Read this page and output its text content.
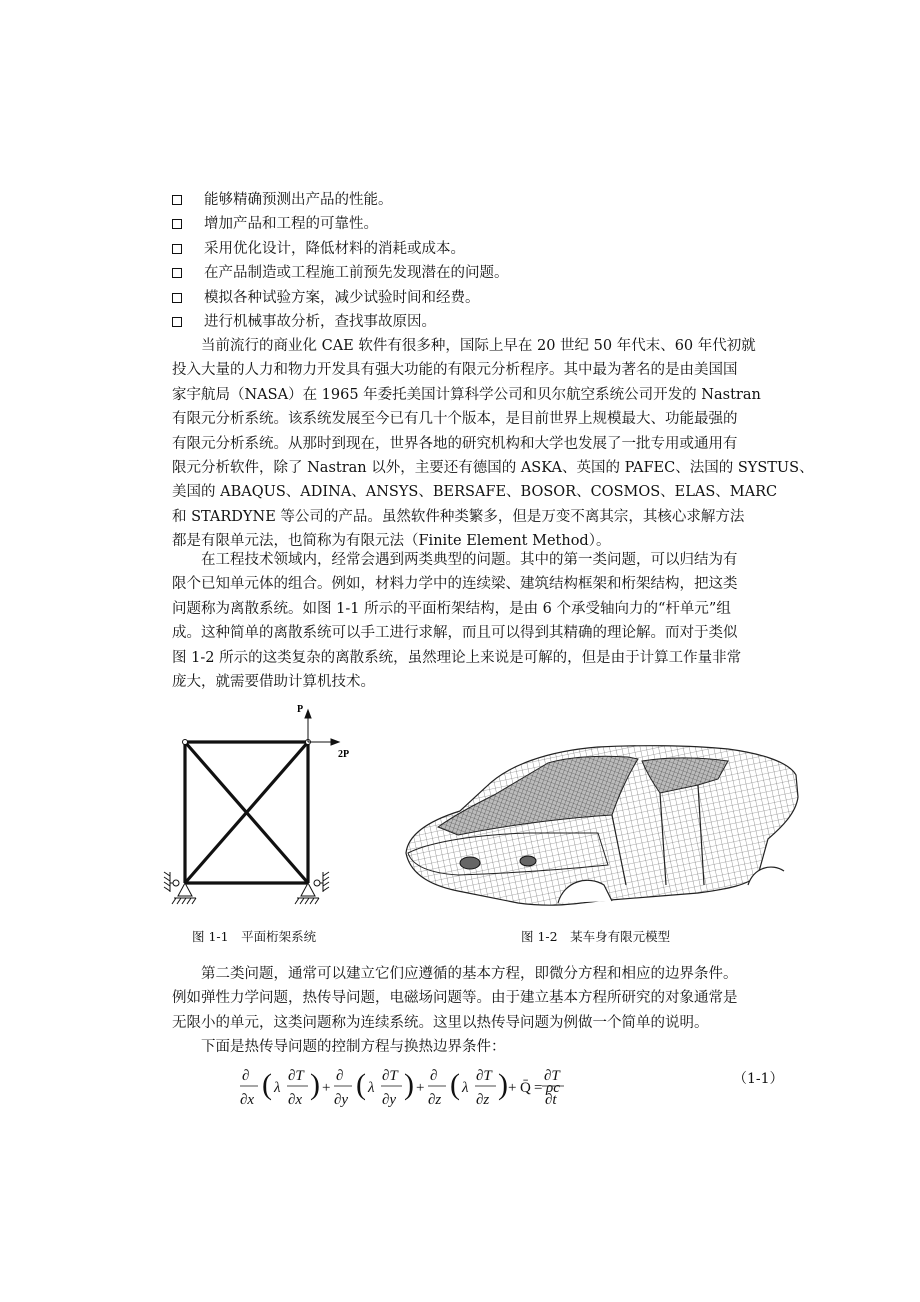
能够精确预测出产品的性能。
增加产品和工程的可靠性。
采用优化设计，降低材料的消耗或成本。
在产品制造或工程施工前预先发现潜在的问题。
模拟各种试验方案，减少试验时间和经费。
进行机械事故分析，查找事故原因。
当前流行的商业化 CAE 软件有很多种，国际上早在 20 世纪 50 年代末、60 年代初就
投入大量的人力和物力开发具有强大功能的有限元分析程序。其中最为著名的是由美国国
家宇航局（NASA）在 1965 年委托美国计算科学公司和贝尔航空系统公司开发的 Nastran
有限元分析系统。该系统发展至今已有几十个版本，是目前世界上规模最大、功能最强的
有限元分析系统。从那时到现在，世界各地的研究机构和大学也发展了一批专用或通用有
限元分析软件，除了 Nastran 以外，主要还有德国的 ASKA、英国的 PAFEC、法国的 SYSTUS、
美国的 ABAQUS、ADINA、ANSYS、BERSAFE、BOSOR、COSMOS、ELAS、MARC
和 STARDYNE 等公司的产品。虽然软件种类繁多，但是万变不离其宗，其核心求解方法
都是有限单元法，也简称为有限元法（Finite Element Method）。
在工程技术领域内，经常会遇到两类典型的问题。其中的第一类问题，可以归结为有
限个已知单元体的组合。例如，材料力学中的连续梁、建筑结构框架和桁架结构，把这类
问题称为离散系统。如图 1-1 所示的平面桁架结构，是由 6 个承受轴向力的“杆单元”组
成。这种简单的离散系统可以手工进行求解，而且可以得到其精确的理论解。而对于类似
图 1-2 所示的这类复杂的离散系统，虽然理论上来说是可解的，但是由于计算工作量非常
庞大，就需要借助计算机技术。
P
2P
图 1-1　平面桁架系统	图 1-2　某车身有限元模型
第二类问题，通常可以建立它们应遵循的基本方程，即微分方程和相应的边界条件。
例如弹性力学问题，热传导问题，电磁场问题等。由于建立基本方程所研究的对象通常是
无限小的单元，这类问题称为连续系统。这里以热传导问题为例做一个简单的说明。
下面是热传导问题的控制方程与换热边界条件：
∂
∂x ( λ
∂T
∂x ) +
∂
∂y ( λ
∂T
∂y ) +
∂
∂z ( λ
∂T
∂z ) + Q̄ = ρc
∂T
∂t
（1-1）
